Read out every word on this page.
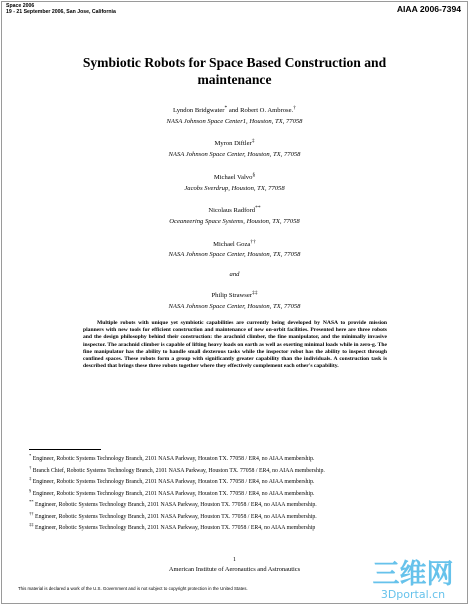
Space 2006
19 - 21 September 2006, San Jose, California	AIAA 2006-7394
Symbiotic Robots for Space Based Construction and maintenance
Lyndon Bridgwater* and Robert O. Ambrose.†
NASA Johnson Space Center1, Houston, TX, 77058
Myron Diftler‡
NASA Johnson Space Center, Houston, TX, 77058
Michael Valvo§
Jacobs Sverdrup, Houston, TX, 77058
Nicolaus Radford**
Oceaneering Space Systems, Houston, TX, 77058
Michael Goza††
NASA Johnson Space Center, Houston, TX, 77058
and
Philip Strawser‡‡
NASA Johnson Space Center, Houston, TX, 77058
Multiple robots with unique yet symbiotic capabilities are currently being developed by NASA to provide mission planners with new tools for efficient construction and maintenance of new on-orbit facilities. Presented here are three robots and the design philosophy behind their construction: the arachnid climber, the fine manipulator, and the minimally invasive inspector. The arachnid climber is capable of lifting heavy loads on earth as well as exerting minimal loads while in zero-g. The fine manipulator has the ability to handle small dexterous tasks while the inspector robot has the ability to inspect through confined spaces. These robots form a group with significantly greater capability than the individuals. A construction task is described that brings these three robots together where they effectively complement each other's capability.

* Engineer, Robotic Systems Technology Branch, 2101 NASA Parkway, Houston TX. 77058 / ER4, no AIAA membership.

† Branch Chief, Robotic Systems Technology Branch, 2101 NASA Parkway, Houston TX. 77058 / ER4, no AIAA membership.

‡ Engineer, Robotic Systems Technology Branch, 2101 NASA Parkway, Houston TX. 77058 / ER4, no AIAA membership.

§ Engineer, Robotic Systems Technology Branch, 2101 NASA Parkway, Houston TX. 77058 / ER4, no AIAA membership.

** Engineer, Robotic Systems Technology Branch, 2101 NASA Parkway, Houston TX. 77058 / ER4, no AIAA membership.

†† Engineer, Robotic Systems Technology Branch, 2101 NASA Parkway, Houston TX. 77058 / ER4, no AIAA membership.

‡‡ Engineer, Robotic Systems Technology Branch, 2101 NASA Parkway, Houston TX. 77058 / ER4, no AIAA membership

1
American Institute of Aeronautics and Astronautics
This material is declared a work of the U.S. Government and is not subject to copyright protection in the United States.	三维网
3Dportal.cn
